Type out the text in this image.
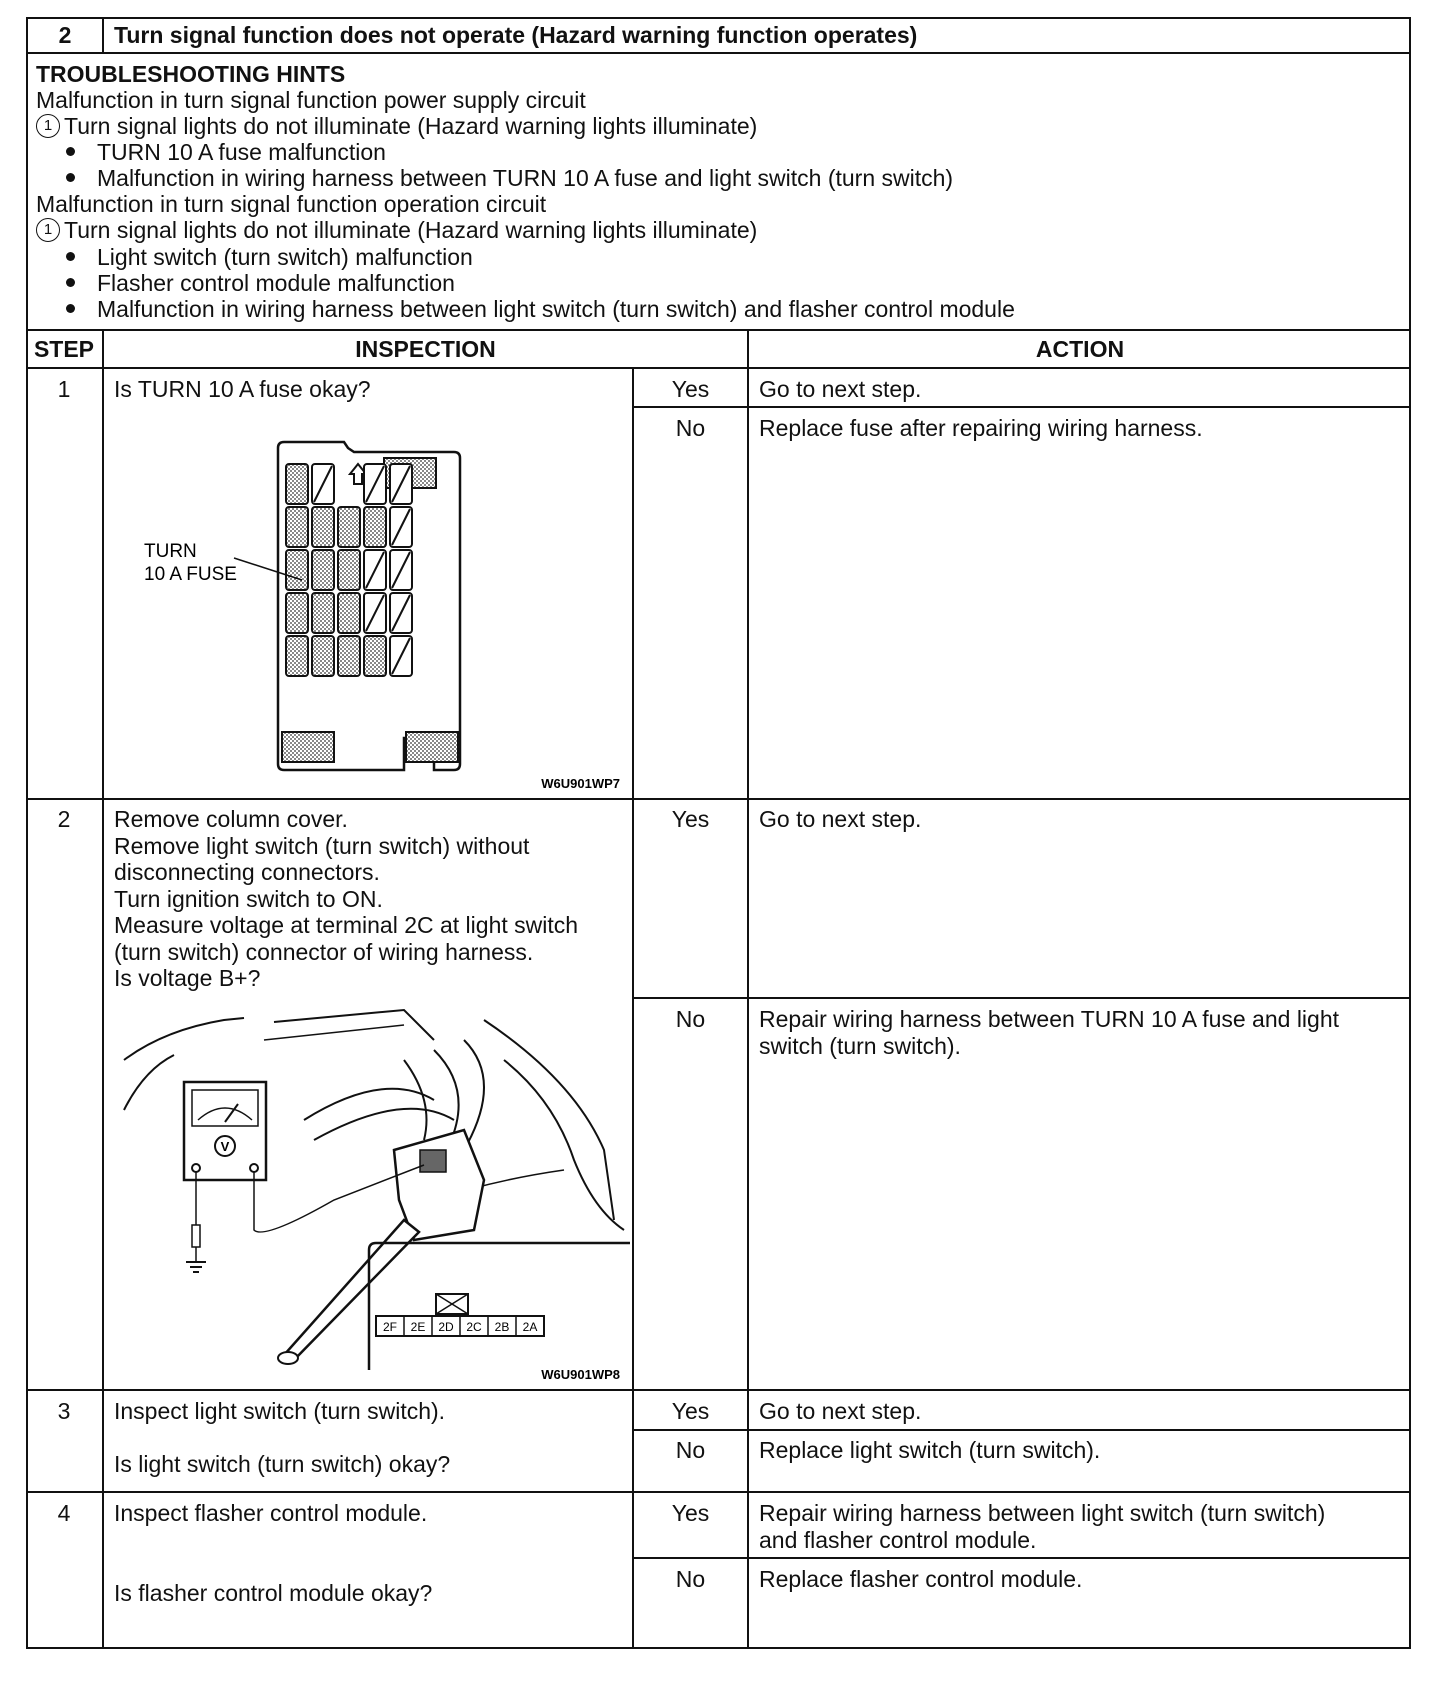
2	Turn signal function does not operate (Hazard warning function operates)
TROUBLESHOOTING HINTS
Malfunction in turn signal function power supply circuit
1 Turn signal lights do not illuminate (Hazard warning lights illuminate)
TURN 10 A fuse malfunction
Malfunction in wiring harness between TURN 10 A fuse and light switch (turn switch)
Malfunction in turn signal function operation circuit
1 Turn signal lights do not illuminate (Hazard warning lights illuminate)
Light switch (turn switch) malfunction
Flasher control module malfunction
Malfunction in wiring harness between light switch (turn switch) and flasher control module
STEP	INSPECTION	ACTION
1	Is TURN 10 A fuse okay?	Yes	Go to next step.
No	Replace fuse after repairing wiring harness.
TURN
10 A FUSE
W6U901WP7
2	Remove column cover.
Remove light switch (turn switch) without
disconnecting connectors.
Turn ignition switch to ON.
Measure voltage at terminal 2C at light switch
(turn switch) connector of wiring harness.
Is voltage B+?
Yes	Go to next step.
No	Repair wiring harness between TURN 10 A fuse and light
switch (turn switch).
V
2F 2E 2D 2C 2B 2A
W6U901WP8
3	Inspect light switch (turn switch).
Is light switch (turn switch) okay?
Yes	Go to next step.
No	Replace light switch (turn switch).
4	Inspect flasher control module.
Is flasher control module okay?
Yes	Repair wiring harness between light switch (turn switch)
and flasher control module.
No	Replace flasher control module.
